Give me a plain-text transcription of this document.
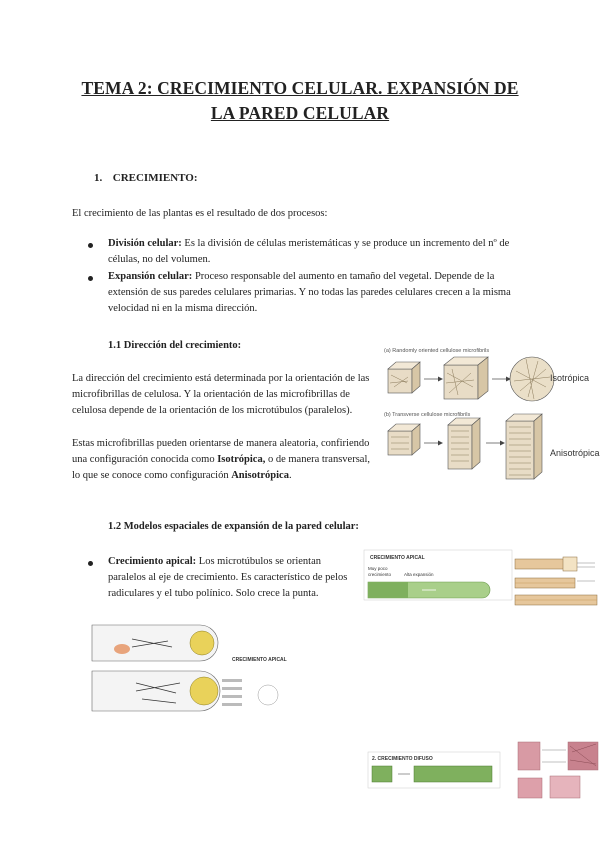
TEMA 2: CRECIMIENTO CELULAR. EXPANSIÓN DE
LA PARED CELULAR
1. CRECIMIENTO:
El crecimiento de las plantas es el resultado de dos procesos:
División celular: Es la división de células meristemáticas y se produce un incremento del nº de
células, no del volumen.
Expansión celular: Proceso responsable del aumento en tamaño del vegetal. Depende de la
extensión de sus paredes celulares primarias. Y no todas las paredes celulares crecen a la misma
velocidad ni en la misma dirección.
1.1 Dirección del crecimiento:
La dirección del crecimiento está determinada por la orientación de las
microfibrillas de celulosa. Y la orientación de las microfibrillas de
celulosa depende de la orientación de los microtúbulos (paralelos).
Estas microfibrillas pueden orientarse de manera aleatoria, confiriendo
una configuración conocida como Isotrópica, o de manera transversal,
lo que se conoce como configuración Anisotrópica.
(a) Randomly oriented cellulose microfibrils
Isotrópica
(b) Transverse cellulose microfibrils
Anisotrópica
1.2 Modelos espaciales de expansión de la pared celular:
Crecimiento apical: Los microtúbulos se orientan
paralelos al eje de crecimiento. Es característico de pelos
radiculares y el tubo polínico. Solo crece la punta.
CRECIMIENTO APICAL
Muy poco
crecimiento	Alta expansión
CRECIMIENTO APICAL
2. CRECIMIENTO DIFUSO
